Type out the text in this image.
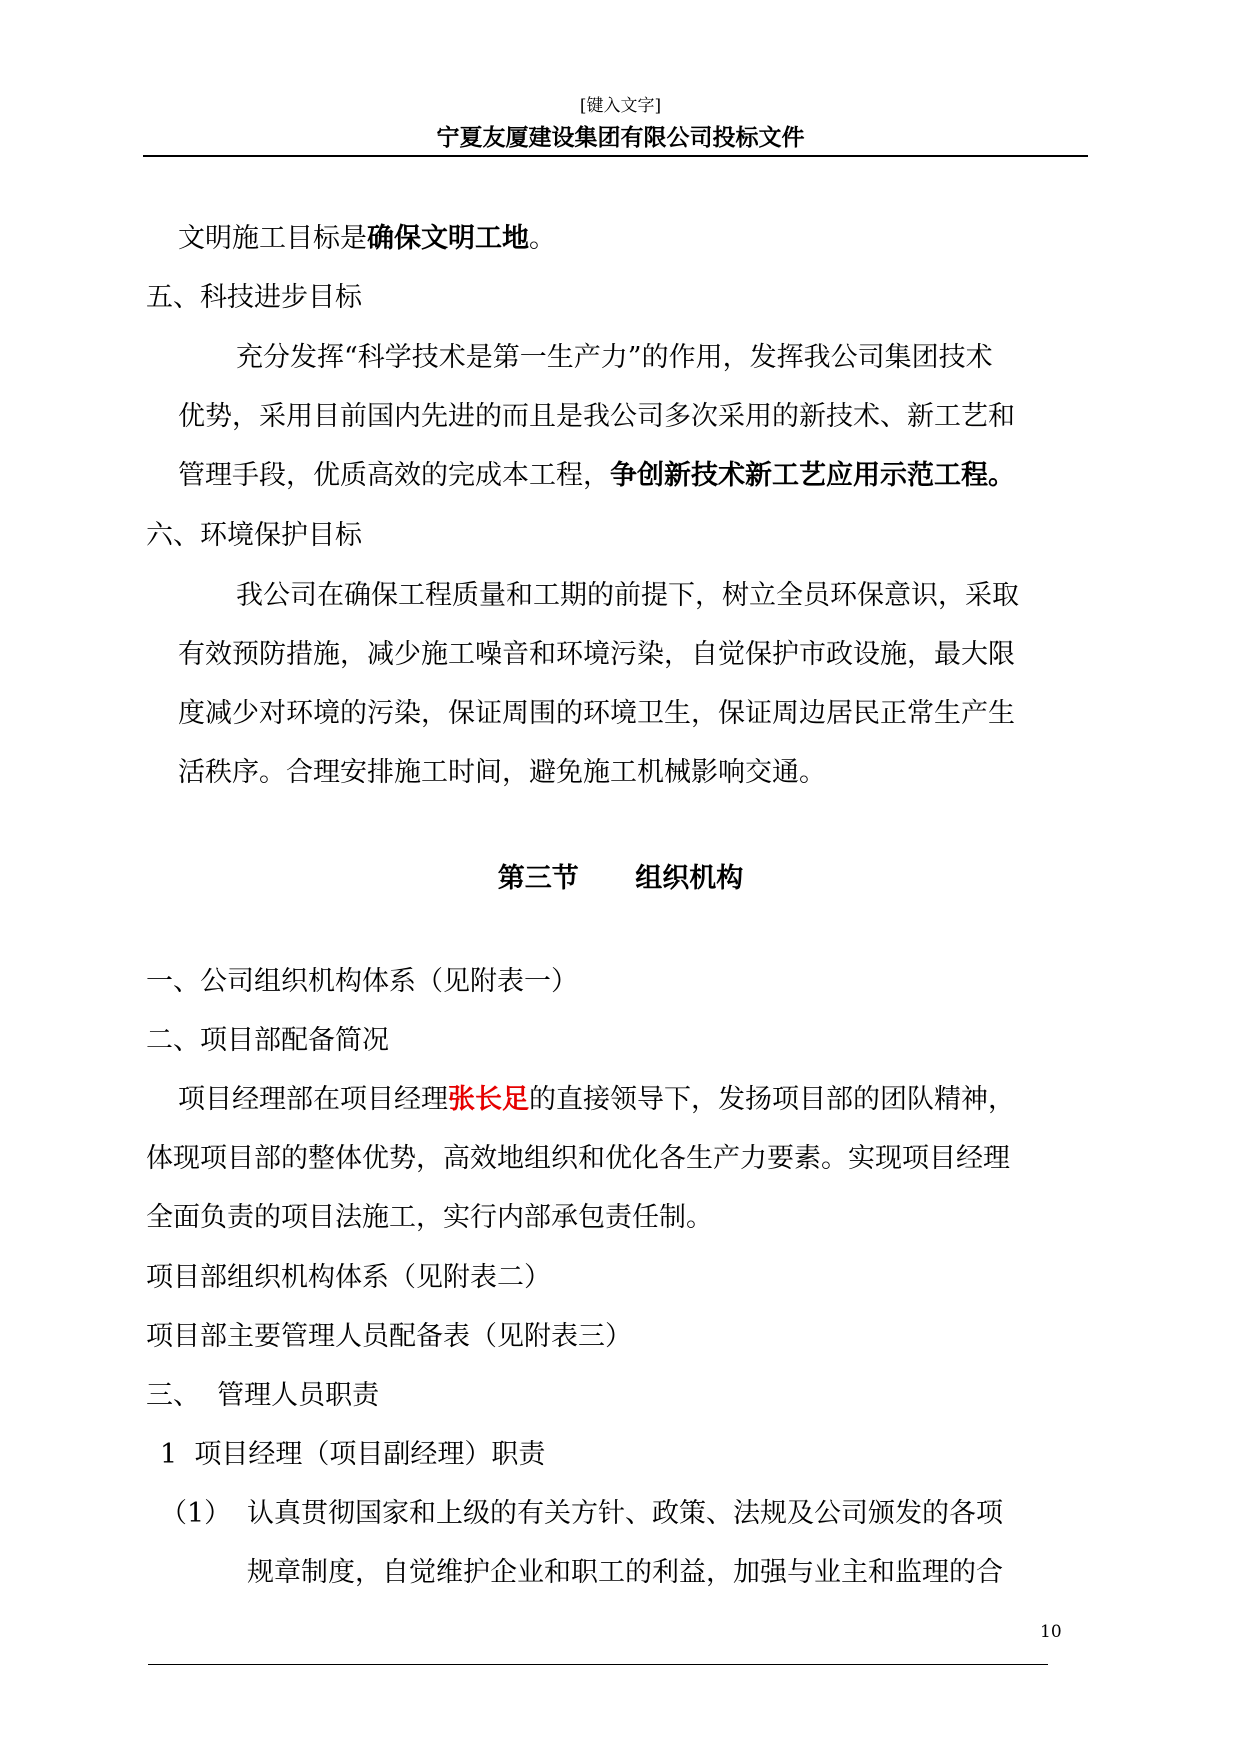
[键入文字]
宁夏友厦建设集团有限公司投标文件
文明施工目标是确保文明工地。
五、科技进步目标
充分发挥“科学技术是第一生产力”的作用，发挥我公司集团技术
优势，采用目前国内先进的而且是我公司多次采用的新技术、新工艺和
管理手段，优质高效的完成本工程，争创新技术新工艺应用示范工程。
六、环境保护目标
我公司在确保工程质量和工期的前提下，树立全员环保意识，采取
有效预防措施，减少施工噪音和环境污染，自觉保护市政设施，最大限
度减少对环境的污染，保证周围的环境卫生，保证周边居民正常生产生
活秩序。合理安排施工时间，避免施工机械影响交通。
第三节      组织机构
一、公司组织机构体系（见附表一）
二、项目部配备简况
项目经理部在项目经理张长足的直接领导下，发扬项目部的团队精神，
体现项目部的整体优势，高效地组织和优化各生产力要素。实现项目经理
全面负责的项目法施工，实行内部承包责任制。
项目部组织机构体系（见附表二）
项目部主要管理人员配备表（见附表三）
三、  管理人员职责
1  项目经理（项目副经理）职责
（1） 认真贯彻国家和上级的有关方针、政策、法规及公司颁发的各项
规章制度，自觉维护企业和职工的利益，加强与业主和监理的合
10
